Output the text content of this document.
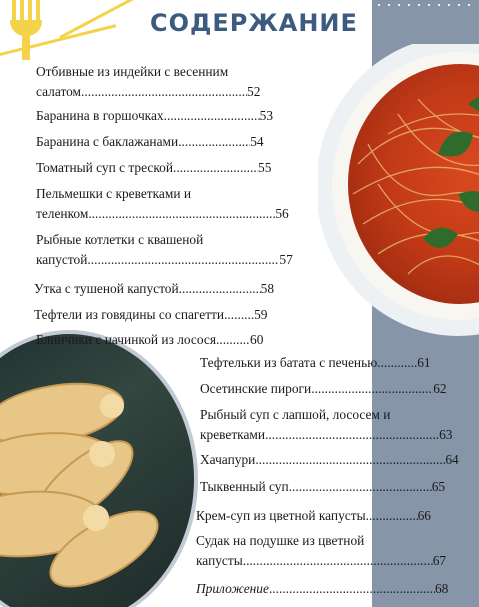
СОДЕРЖАНИЕ
Отбивные из индейки с весенним
салатом .....	52
Баранина в горшочках .....	53
Баранина с баклажанами .....	54
Томатный суп с треской .....	55
Пельмешки с креветками и
теленком .....	56
Рыбные котлетки с квашеной
капустой .....	57
Утка с тушеной капустой .....	58
Тефтели из говядины со спагетти ..... 59
Блинчики с начинкой из лосося .....	60
Тефтельки из батата с печенью .....	61
Осетинские пироги .....	62
Рыбный суп с лапшой, лососем и
креветками .....	63
Хачапури .....	64
Тыквенный суп .....	65
Крем-суп из цветной капусты .....	66
Судак на подушке из цветной
капусты .....	67
Приложение .....	68
